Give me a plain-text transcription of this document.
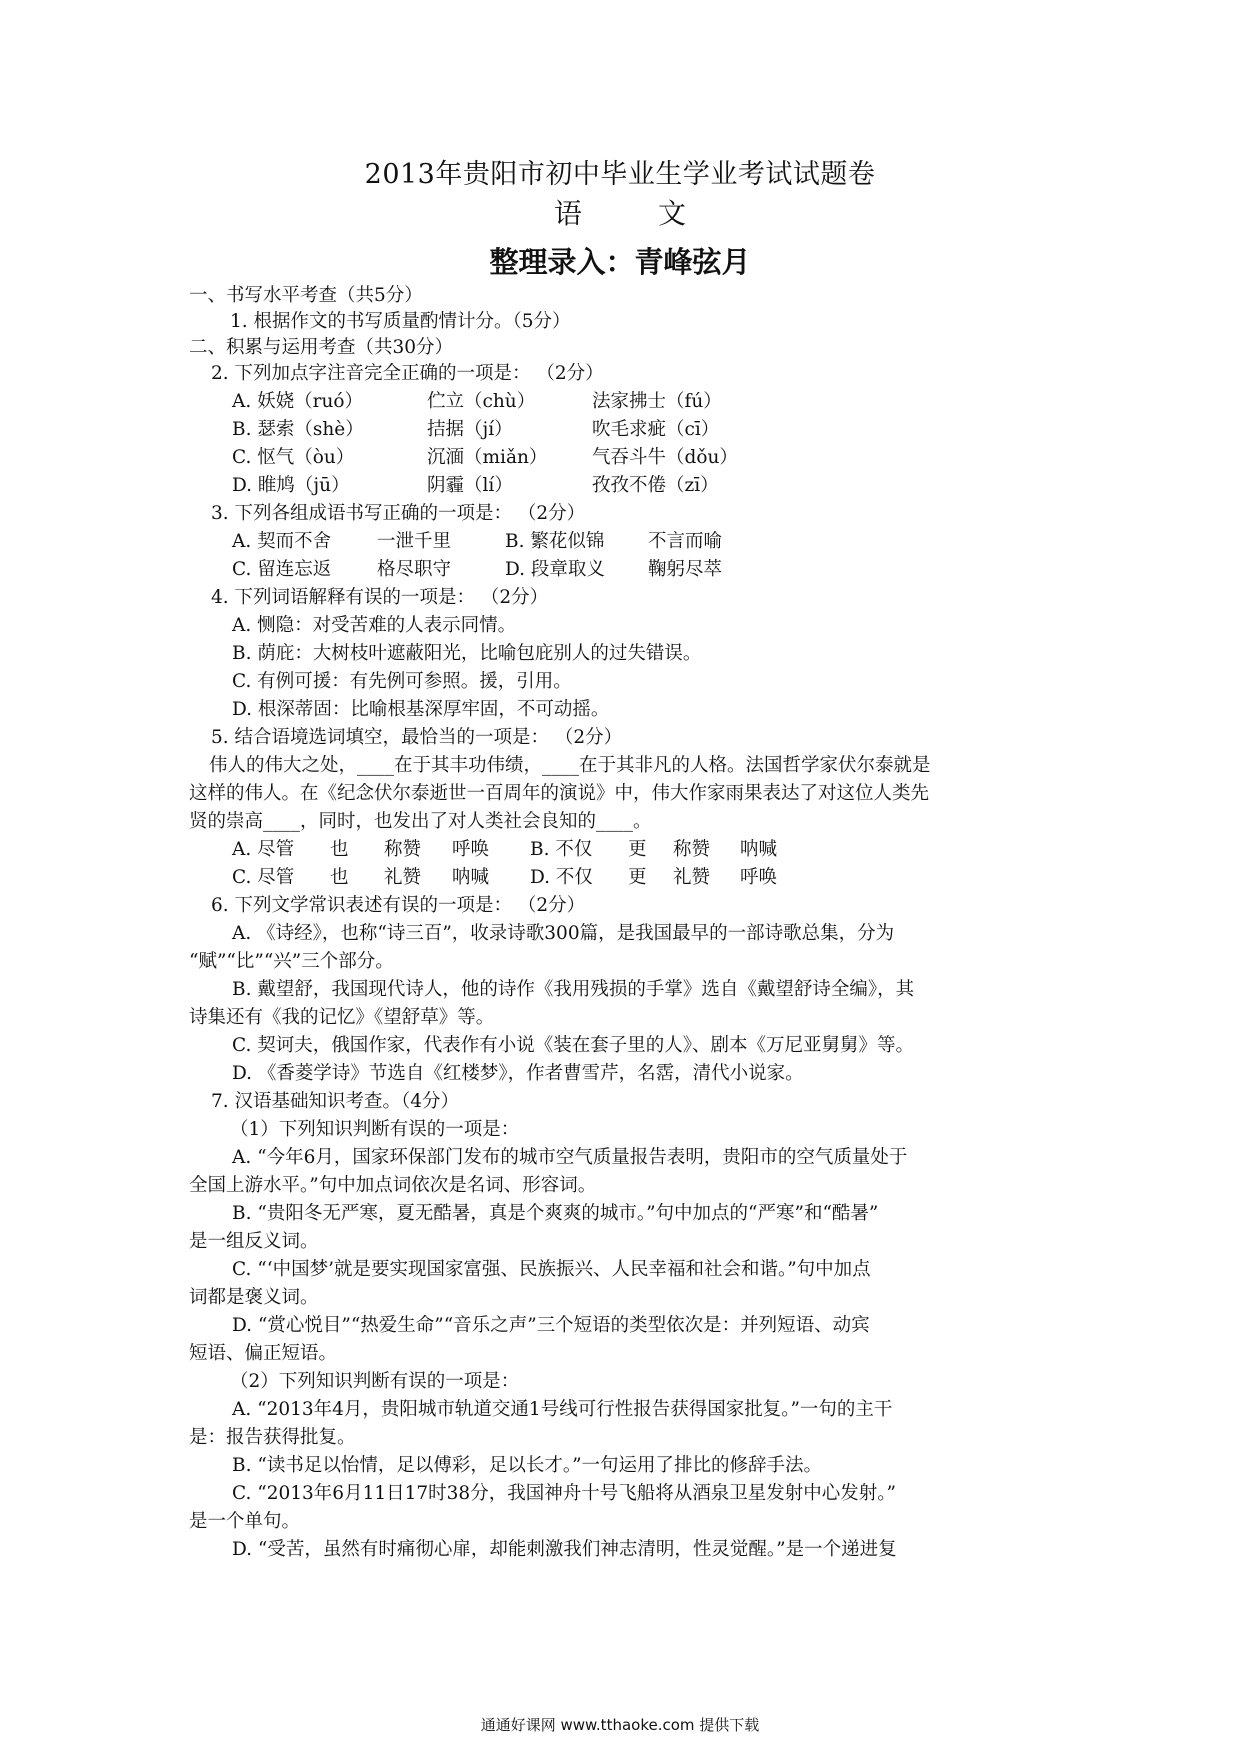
2013年贵阳市初中毕业生学业考试试题卷
语	文
整理录入：青峰弦月
一、书写水平考查（共5分）
1. 根据作文的书写质量酌情计分。（5分）
二、积累与运用考查（共30分）
2. 下列加点字注音完全正确的一项是： （2分）
A. 妖娆（ruó）	伫立（chù）	法家拂士（fú）
B. 瑟索（shè）	拮据（jí）	吹毛求疵（cī）
C. 怄气（òu）	沉湎（miǎn） 气吞斗牛（dǒu）
D. 睢鸠（jū）	阴霾（lí）	孜孜不倦（zī）
3. 下列各组成语书写正确的一项是： （2分）
A. 契而不舍 一泄千里	B. 繁花似锦 不言而喻
C. 留连忘返 格尽职守	D. 段章取义 鞠躬尽萃
4. 下列词语解释有误的一项是： （2分）
A. 恻隐：对受苦难的人表示同情。
B. 荫庇：大树枝叶遮蔽阳光，比喻包庇别人的过失错误。
C. 有例可援：有先例可参照。援，引用。
D. 根深蒂固：比喻根基深厚牢固，不可动摇。
5. 结合语境选词填空，最恰当的一项是： （2分）
伟人的伟大之处，____在于其丰功伟绩，____在于其非凡的人格。法国哲学家伏尔泰就是
这样的伟人。在《纪念伏尔泰逝世一百周年的演说》中，伟大作家雨果表达了对这位人类先
贤的崇高____，同时，也发出了对人类社会良知的____。
A. 尽管 也 称赞 呼唤 B. 不仅 更 称赞 呐喊
C. 尽管 也 礼赞 呐喊 D. 不仅 更 礼赞 呼唤
6. 下列文学常识表述有误的一项是： （2分）
A. 《诗经》，也称“诗三百”，收录诗歌300篇，是我国最早的一部诗歌总集，分为
“赋”“比”“兴”三个部分。
B. 戴望舒，我国现代诗人，他的诗作《我用残损的手掌》选自《戴望舒诗全编》，其
诗集还有《我的记忆》《望舒草》等。
C. 契诃夫，俄国作家，代表作有小说《装在套子里的人》、剧本《万尼亚舅舅》等。
D. 《香菱学诗》节选自《红楼梦》，作者曹雪芹，名霑，清代小说家。
7. 汉语基础知识考查。（4分）
（1）下列知识判断有误的一项是：
A. “今年6月，国家环保部门发布的城市空气质量报告表明，贵阳市的空气质量处于
全国上游水平。”句中加点词依次是名词、形容词。
B. “贵阳冬无严寒，夏无酷暑，真是个爽爽的城市。”句中加点的“严寒”和“酷暑”
是一组反义词。
C. “‘中国梦’就是要实现国家富强、民族振兴、人民幸福和社会和谐。”句中加点
词都是褒义词。
D. “赏心悦目”“热爱生命”“音乐之声”三个短语的类型依次是：并列短语、动宾
短语、偏正短语。
（2）下列知识判断有误的一项是：
A. “2013年4月，贵阳城市轨道交通1号线可行性报告获得国家批复。”一句的主干
是：报告获得批复。
B. “读书足以怡情，足以傅彩，足以长才。”一句运用了排比的修辞手法。
C. “2013年6月11日17时38分，我国神舟十号飞船将从酒泉卫星发射中心发射。”
是一个单句。
D. “受苦，虽然有时痛彻心扉，却能刺激我们神志清明，性灵觉醒。”是一个递进复
通通好课网 www.tthaoke.com 提供下载
